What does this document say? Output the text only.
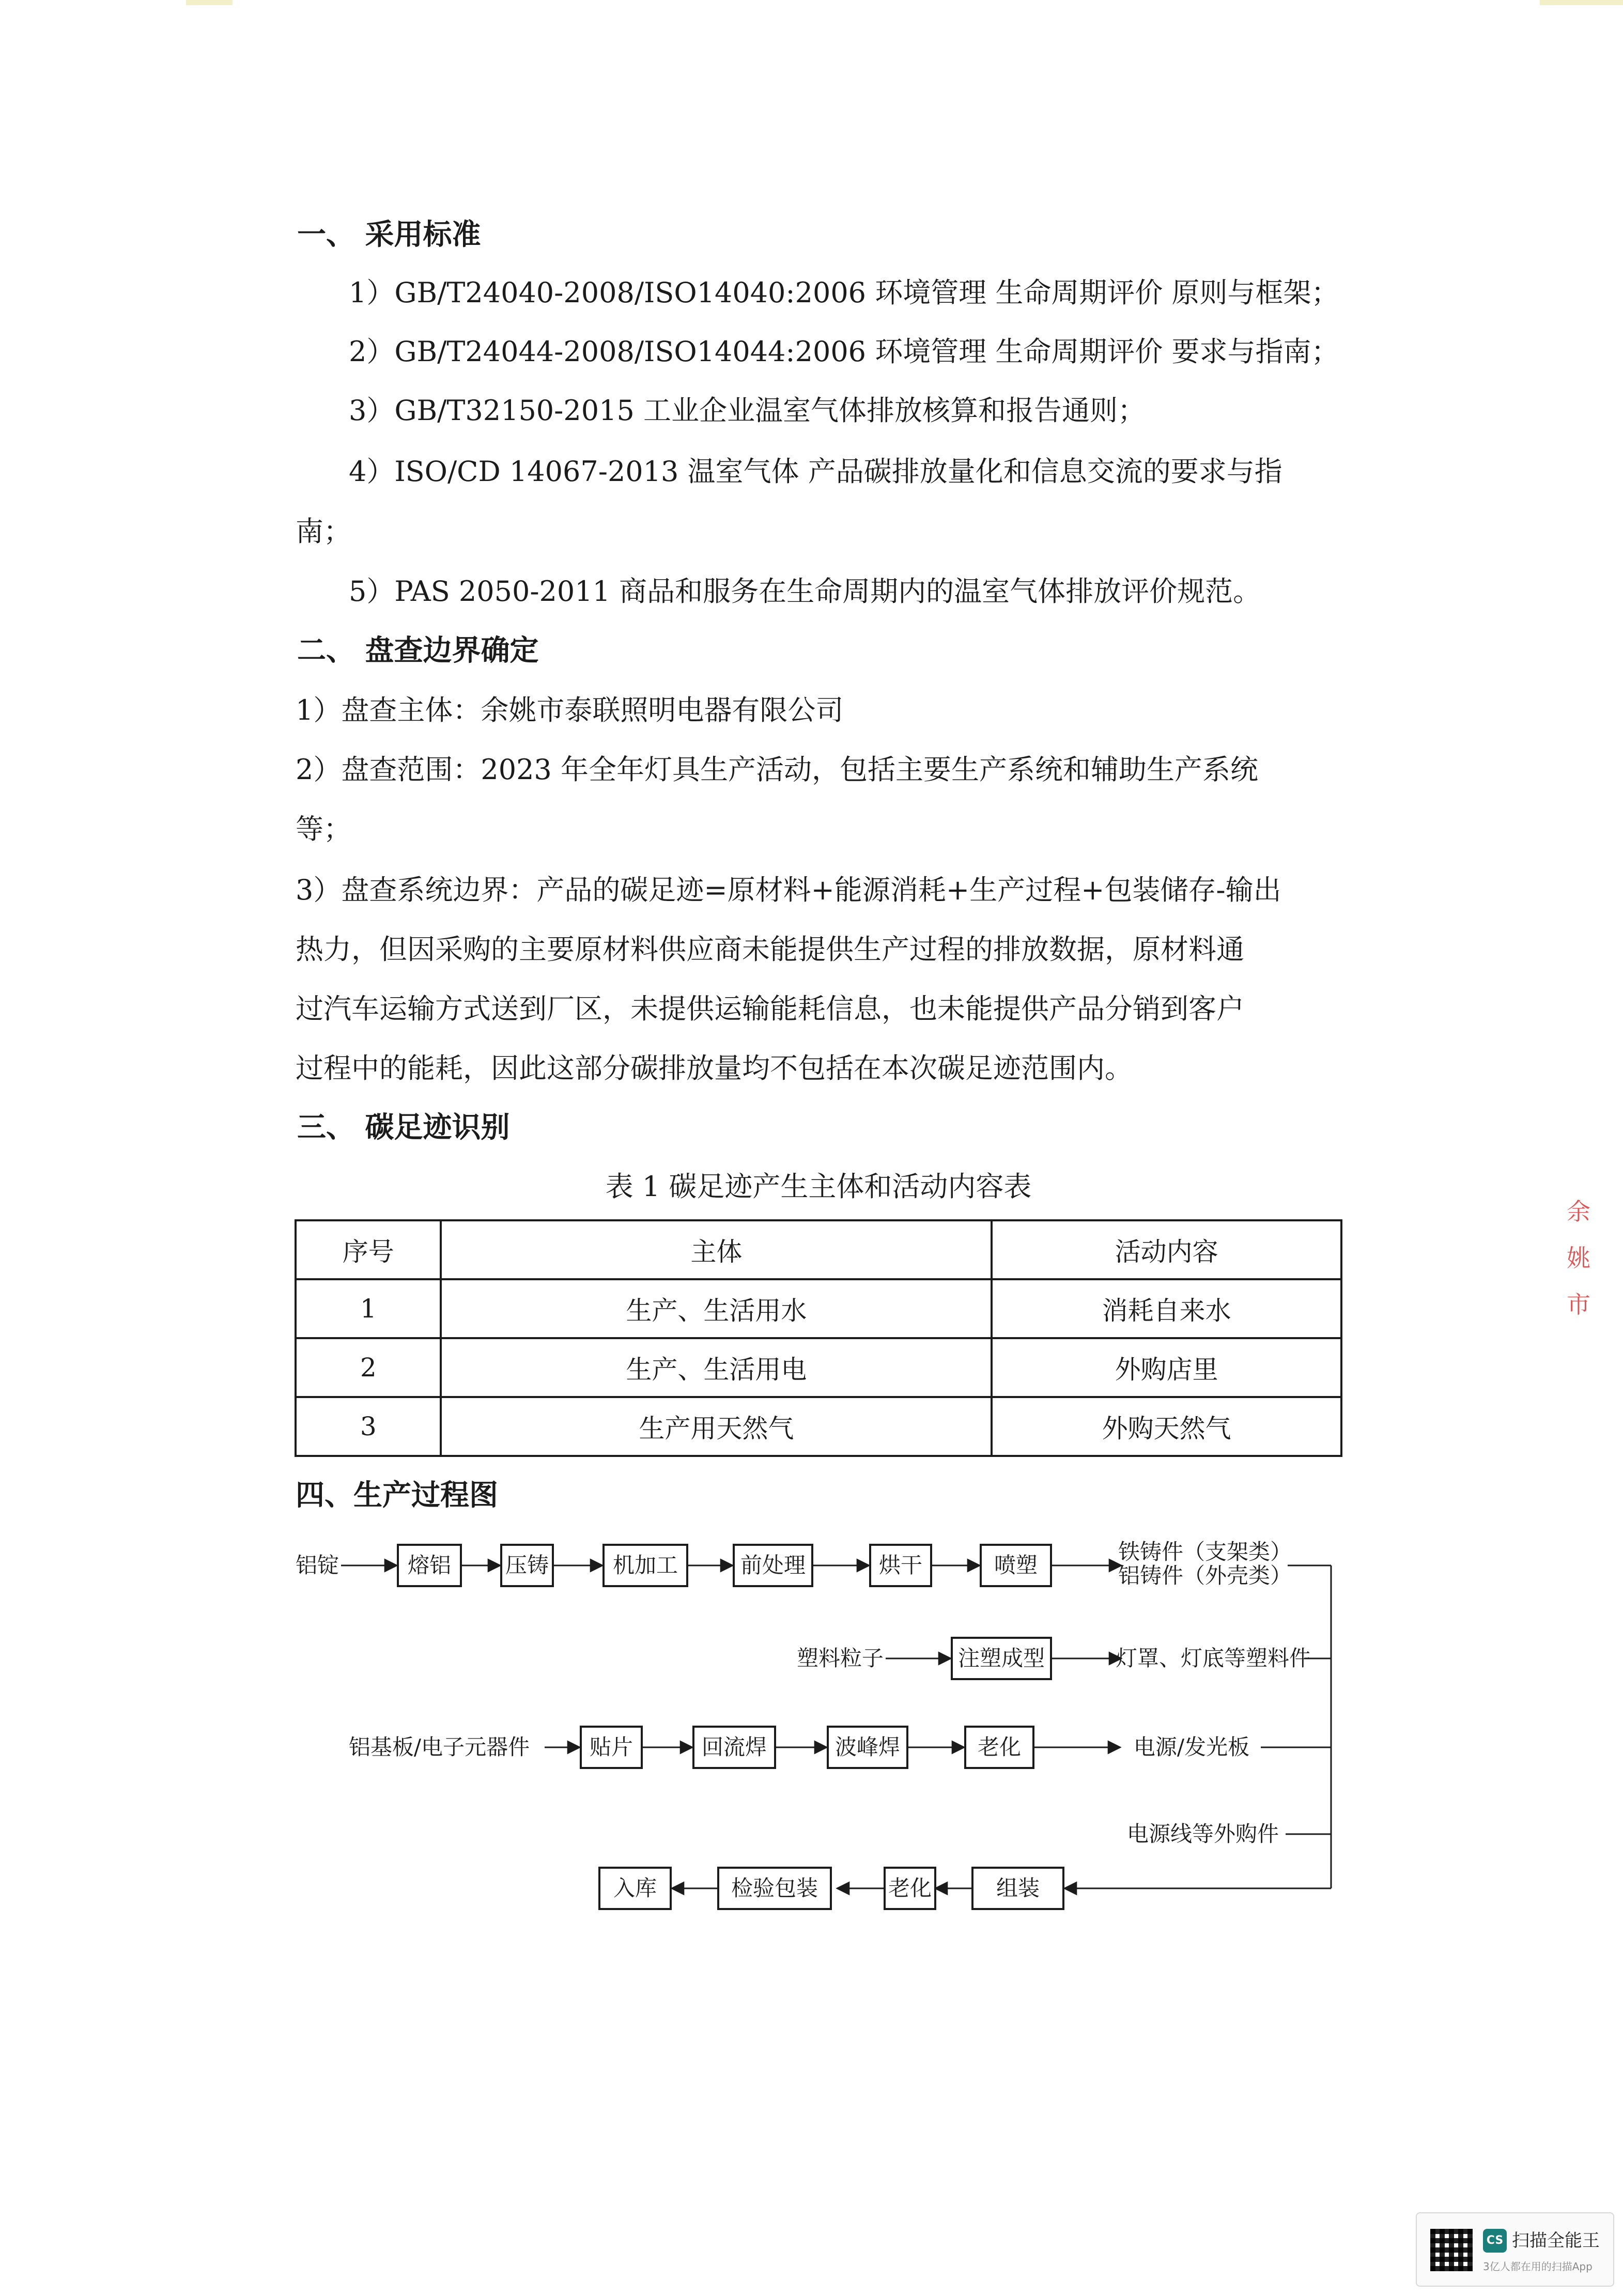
一、 采用标准
1）GB/T24040-2008/ISO14040:2006 环境管理 生命周期评价 原则与框架；
2）GB/T24044-2008/ISO14044:2006 环境管理 生命周期评价 要求与指南；
3）GB/T32150-2015 工业企业温室气体排放核算和报告通则；
4）ISO/CD 14067-2013 温室气体 产品碳排放量化和信息交流的要求与指
南；
5）PAS 2050-2011 商品和服务在生命周期内的温室气体排放评价规范。
二、 盘查边界确定
1）盘查主体：余姚市泰联照明电器有限公司
2）盘查范围：2023 年全年灯具生产活动，包括主要生产系统和辅助生产系统
等；
3）盘查系统边界：产品的碳足迹=原材料+能源消耗+生产过程+包装储存-输出
热力，但因采购的主要原材料供应商未能提供生产过程的排放数据，原材料通
过汽车运输方式送到厂区，未提供运输能耗信息，也未能提供产品分销到客户
过程中的能耗，因此这部分碳排放量均不包括在本次碳足迹范围内。
三、 碳足迹识别
表 1 碳足迹产生主体和活动内容表
序号	主体	活动内容
1	生产、生活用水	消耗自来水
2	生产、生活用电	外购店里
3	生产用天然气	外购天然气
四、生产过程图
铝锭	熔铝 压铸	机加工	前处理	烘干	喷塑
铁铸件（支架类）
铝铸件（外壳类）
塑料粒子	注塑成型	灯罩、灯底等塑料件
铝基板/电子元器件	贴片	回流焊	波峰焊	老化	电源/发光板
电源线等外购件
入库	检验包装	老化	组装
余
姚
市
CS 扫描全能王
3亿人都在用的扫描App
